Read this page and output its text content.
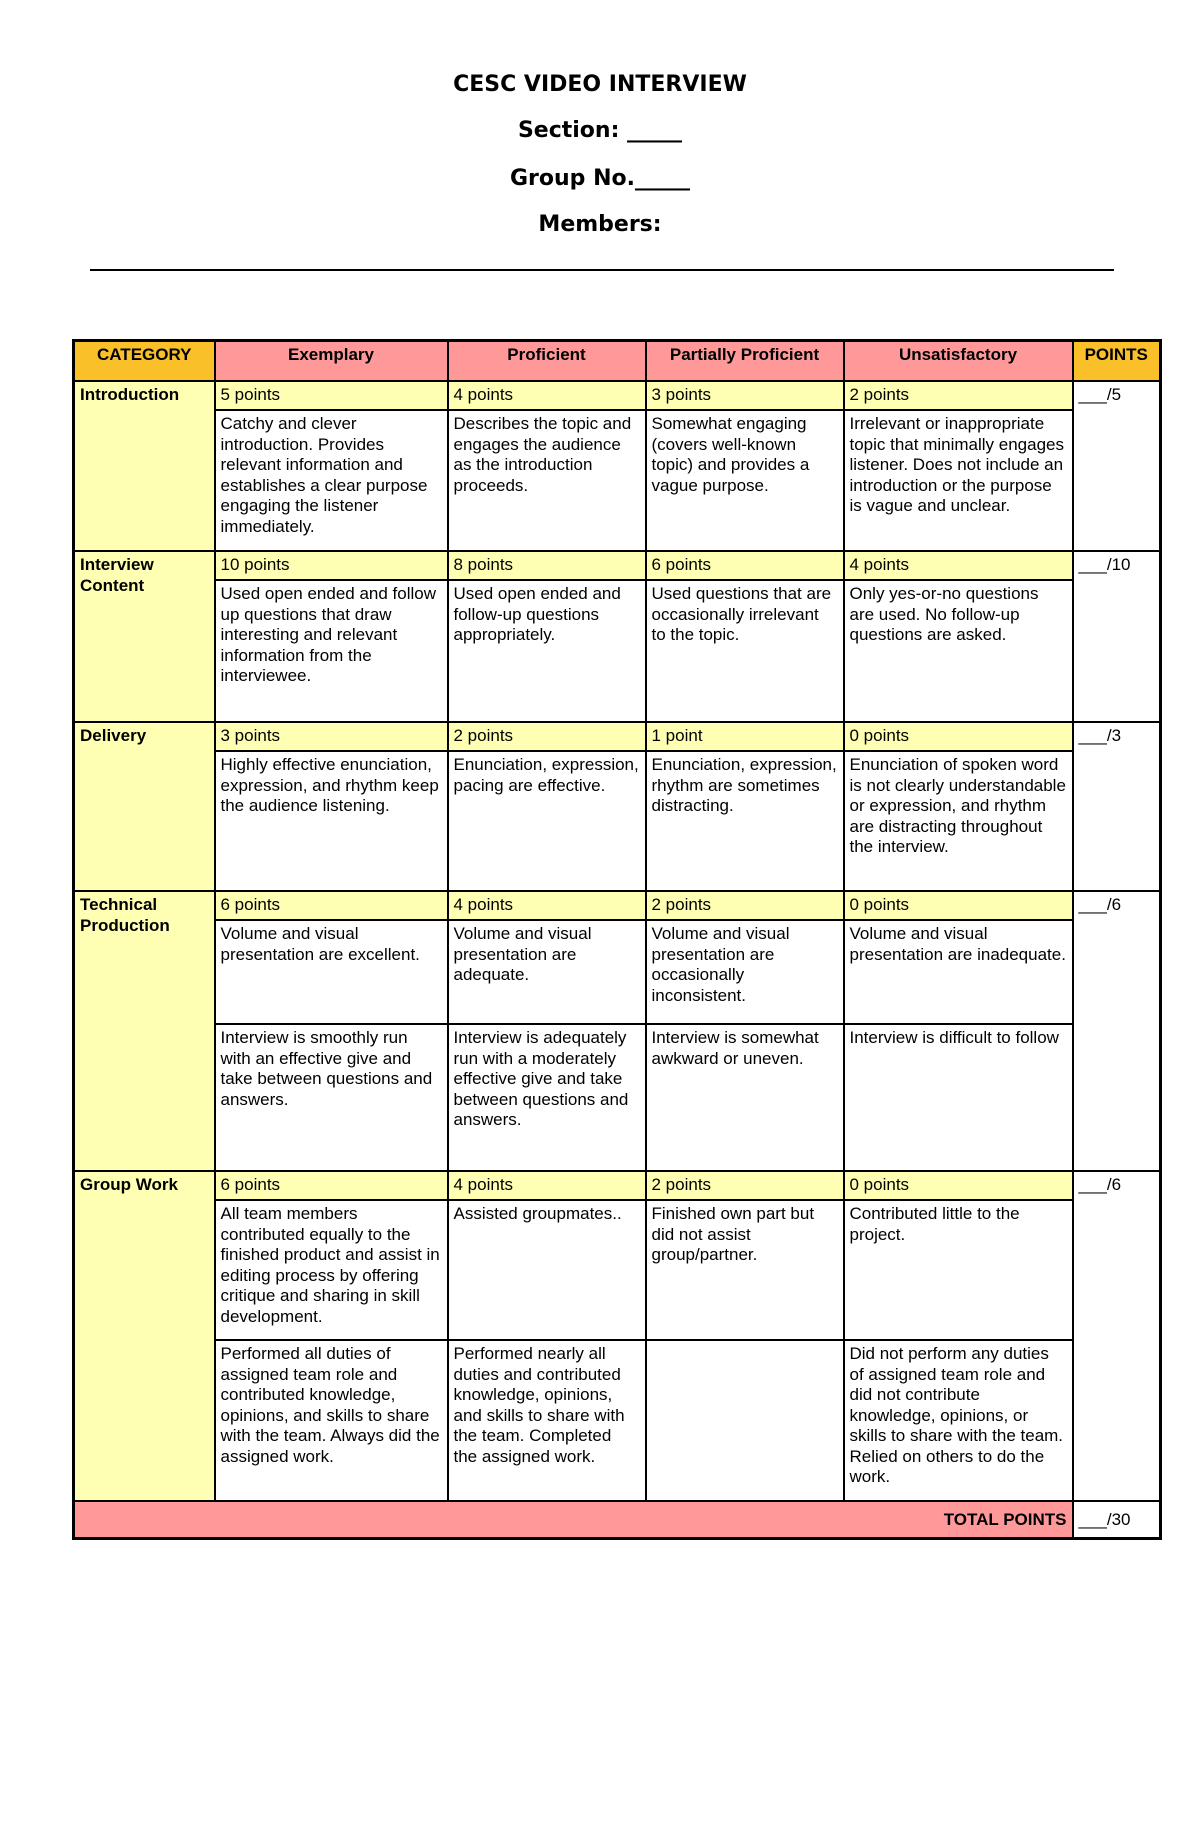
CESC VIDEO INTERVIEW
Section: _____
Group No._____
Members:
CATEGORY	Exemplary	Proficient	Partially Proficient	Unsatisfactory	POINTS
Introduction	5 points	4 points	3 points	2 points	___/5
	Catchy and clever introduction. Provides relevant information and establishes a clear purpose engaging the listener immediately.	Describes the topic and engages the audience as the introduction proceeds.	Somewhat engaging (covers well-known topic) and provides a vague purpose.	Irrelevant or inappropriate topic that minimally engages listener. Does not include an introduction or the purpose is vague and unclear.	
Interview Content	10 points	8 points	6 points	4 points	___/10
	Used open ended and follow up questions that draw interesting and relevant information from the interviewee.	Used open ended and follow-up questions appropriately.	Used questions that are occasionally irrelevant to the topic.	Only yes-or-no questions are used. No follow-up questions are asked.	
Delivery	3 points	2 points	1 point	0 points	___/3
	Highly effective enunciation, expression, and rhythm keep the audience listening.	Enunciation, expression, pacing are effective.	Enunciation, expression, rhythm are sometimes distracting.	Enunciation of spoken word is not clearly understandable or expression, and rhythm are distracting throughout the interview.	
Technical Production	6 points	4 points	2 points	0 points	___/6
	Volume and visual presentation are excellent.	Volume and visual presentation are adequate.	Volume and visual presentation are occasionally inconsistent.	Volume and visual presentation are inadequate.	
	Interview is smoothly run with an effective give and take between questions and answers.	Interview is adequately run with a moderately effective give and take between questions and answers.	Interview is somewhat awkward or uneven.	Interview is difficult to follow	
Group Work	6 points	4 points	2 points	0 points	___/6
	All team members contributed equally to the finished product and assist in editing process by offering critique and sharing in skill development.	Assisted groupmates..	Finished own part but did not assist group/partner.	Contributed little to the project.	
	Performed all duties of assigned team role and contributed knowledge, opinions, and skills to share with the team. Always did the assigned work.	Performed nearly all duties and contributed knowledge, opinions, and skills to share with the team. Completed the assigned work.		Did not perform any duties of assigned team role and did not contribute knowledge, opinions, or skills to share with the team. Relied on others to do the work.	
TOTAL POINTS					___/30
